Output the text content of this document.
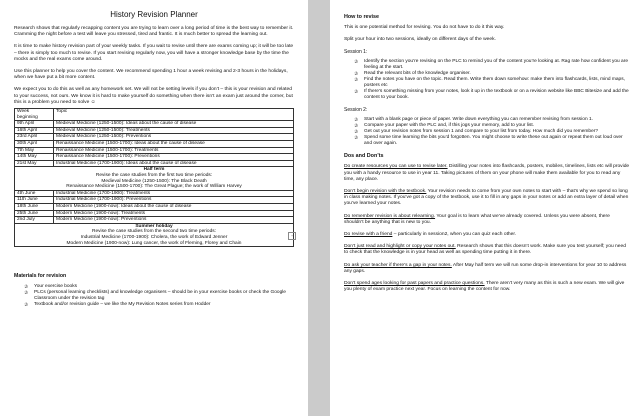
History Revision Planner

Research shows that regularly recapping content you are trying to learn over a long period of time is the best way to remember it. Cramming the night before a test will leave you stressed, tired and frantic. It is much better to spread the learning out.

It is time to make history revision part of your weekly tasks. If you wait to revise until there are exams coming up; it will be too late – there is simply too much to revise. If you start revising regularly now, you will have a stronger knowledge base by the time the mocks and the real exams come around.

Use this planner to help you cover the content. We recommend spending 1 hour a week revising and 2-3 hours in the holidays, when we have put a bit more content.

We expect you to do this as well as any homework set. We will not be setting levels if you don’t – this is your revision and related to your success, not ours. We know it is hard to make yourself do something when there isn’t an exam just around the corner, but this is a problem you need to solve ☺

Week beginning	Topic
9th April	Medieval Medicine (1250-1500): Ideas about the cause of disease
16th April	Medieval Medicine (1250-1500): Treatments
23rd April	Medieval Medicine (1250-1500): Preventions
30th April	Renaissance Medicine (1500-1700): Ideas about the cause of disease
7th May	Renaissance Medicine (1500-1700): Treatments
14th May	Renaissance Medicine (1500-1700): Preventions
21st May	Industrial Medicine (1700-1900): Ideas about the cause of disease

Half term
Revise the case studies from the first two time periods:
Medieval Medicine (1250-1500): The Black Death
Renaissance Medicine (1500-1700): The Great Plague; the work of William Harvey	

4th June	Industrial Medicine (1700-1900): Treatments
11th June	Industrial Medicine (1700-1900): Preventions
18th June	Modern Medicine (1900-now): Ideas about the cause of disease
25th June	Modern Medicine (1900-now): Treatments
2nd July	Modern Medicine (1900-now): Preventions

Summer holiday
Revise the case studies from the second two time periods:
Industrial Medicine (1700-1900): Cholera, the work of Edward Jenner
Modern Medicine (1900-now): Lung cancer, the work of Fleming, Florey and Chain	
Materials for revision
✰ Your exercise books
✰ PLCs (personal learning checklists) and knowledge organisers – should be in your exercise books or check the Google Classroom under the revision tag
✰ Textbook and/or revision guide – we like the My Revision Notes series from Hodder
+
How to revise

This is one potential method for revising. You do not have to do it this way.

Split your hour into two sessions, ideally on different days of the week.

Session 1:
✰ Identify the section you’re revising on the PLC to remind you of the content you’re looking at. Rag rate how confident you are feeling at the start.
✰ Read the relevant bits of the knowledge organiser.
✰ Find the notes you have on the topic. Read them. Write them down somehow: make them into flashcards, lists, mind maps, posters etc
✰ If there’s something missing from your notes, look it up in the textbook or on a revision website like BBC Bitesize and add the content to your book.
Session 2:
✰ Start with a blank page or piece of paper. Write down everything you can remember revising from session 1.
✰ Compare your paper with the PLC and, if this jogs your memory, add to your list.
✰ Get out your revision notes from session 1 and compare to your list from today. How much did you remember?
✰ Spend some time learning the bits you’d forgotten. You might choose to write these out again or repeat them out loud over and over again.
Dos and Don’ts

Do create resources you can use to revise later. Distilling your notes into flashcards, posters, mobiles, timelines, lists etc will provide you with a handy resource to use in year 11. Taking pictures of them on your phone will make them available for you to read any time, any place.

Don’t begin revision with the textbook. Your revision needs to come from your own notes to start with – that’s why we spend so long in class making notes. If you’ve got a copy of the textbook, use it to fill in any gaps in your notes or add an extra layer of detail when you’ve learned your notes.

Do remember revision is about relearning. Your goal is to learn what we’ve already covered. Unless you were absent, there shouldn’t be anything that is new to you.

Do revise with a friend – particularly in session2, when you can quiz each other.

Don’t just read and highlight or copy your notes out. Research shows that this doesn’t work. Make sure you test yourself; you need to check that the knowledge is in your head as well as spending time putting it in there.

Do ask your teacher if there’s a gap in your notes. After May half term we will run some drop-in interventions for year 10 to address any gaps.

Don’t spend ages looking for past papers and practice questions. There aren’t very many as this is such a new exam. We will give you plenty of exam practice next year. Focus on learning the content for now.
